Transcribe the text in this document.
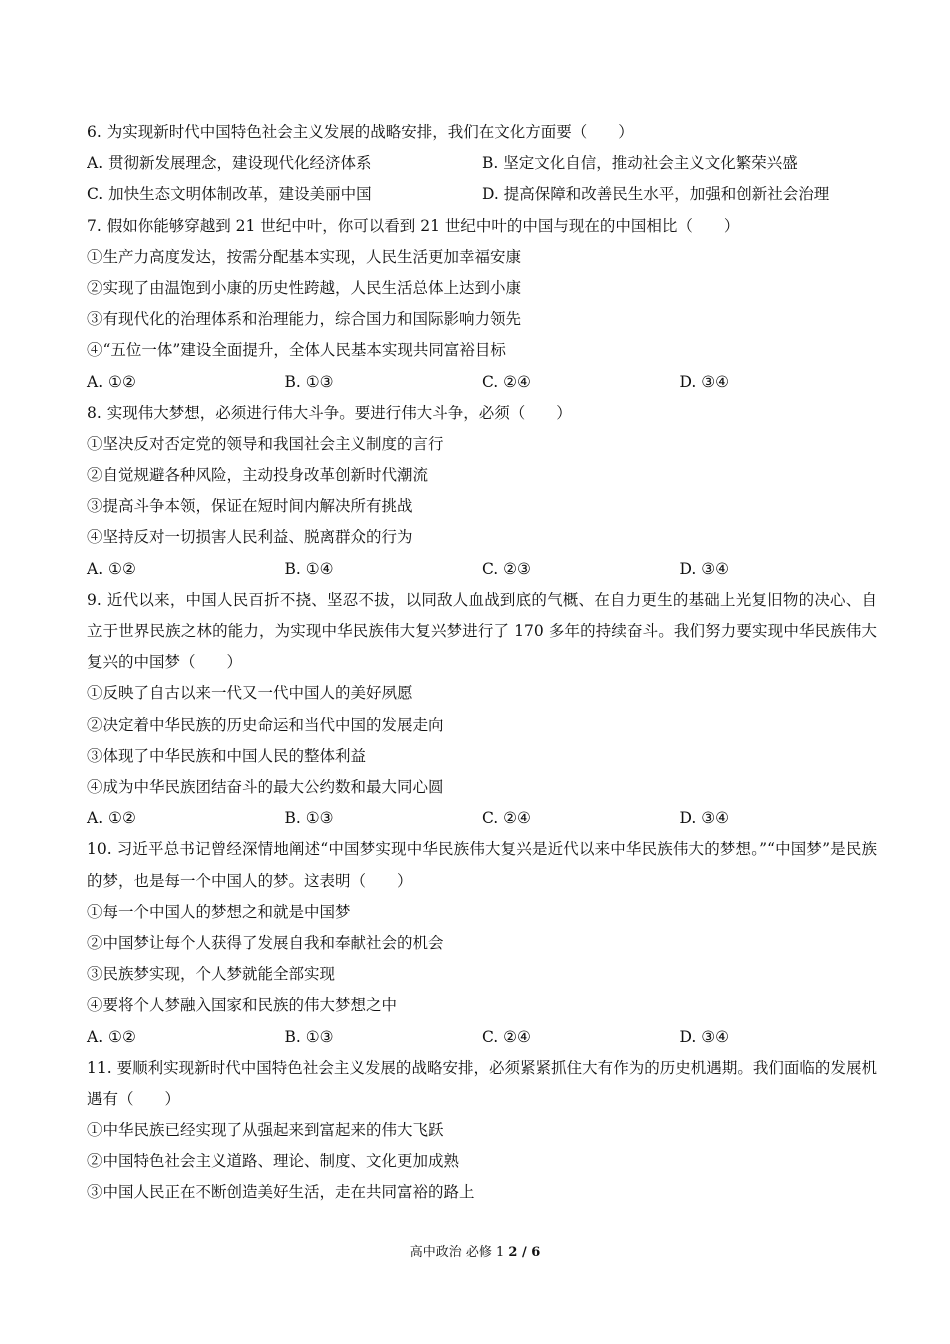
6. 为实现新时代中国特色社会主义发展的战略安排，我们在文化方面要（　　）
A. 贯彻新发展理念，建设现代化经济体系	B. 坚定文化自信，推动社会主义文化繁荣兴盛
C. 加快生态文明体制改革，建设美丽中国	D. 提高保障和改善民生水平，加强和创新社会治理
7. 假如你能够穿越到 21 世纪中叶，你可以看到 21 世纪中叶的中国与现在的中国相比（　　）
①生产力高度发达，按需分配基本实现，人民生活更加幸福安康
②实现了由温饱到小康的历史性跨越，人民生活总体上达到小康
③有现代化的治理体系和治理能力，综合国力和国际影响力领先
④“五位一体”建设全面提升，全体人民基本实现共同富裕目标
A. ①②	B. ①③	C. ②④	D. ③④
8. 实现伟大梦想，必须进行伟大斗争。要进行伟大斗争，必须（　　）
①坚决反对否定党的领导和我国社会主义制度的言行
②自觉规避各种风险，主动投身改革创新时代潮流
③提高斗争本领，保证在短时间内解决所有挑战
④坚持反对一切损害人民利益、脱离群众的行为
A. ①②	B. ①④	C. ②③	D. ③④
9. 近代以来，中国人民百折不挠、坚忍不拔，以同敌人血战到底的气概、在自力更生的基础上光复旧物的决心、自立于世界民族之林的能力，为实现中华民族伟大复兴梦进行了 170 多年的持续奋斗。我们努力要实现中华民族伟大复兴的中国梦（　　）
①反映了自古以来一代又一代中国人的美好夙愿
②决定着中华民族的历史命运和当代中国的发展走向
③体现了中华民族和中国人民的整体利益
④成为中华民族团结奋斗的最大公约数和最大同心圆
A. ①②	B. ①③	C. ②④	D. ③④
10. 习近平总书记曾经深情地阐述“中国梦实现中华民族伟大复兴是近代以来中华民族伟大的梦想。”“中国梦”是民族的梦，也是每一个中国人的梦。这表明（　　）
①每一个中国人的梦想之和就是中国梦
②中国梦让每个人获得了发展自我和奉献社会的机会
③民族梦实现，个人梦就能全部实现
④要将个人梦融入国家和民族的伟大梦想之中
A. ①②	B. ①③	C. ②④	D. ③④
11. 要顺利实现新时代中国特色社会主义发展的战略安排，必须紧紧抓住大有作为的历史机遇期。我们面临的发展机遇有（　　）
①中华民族已经实现了从强起来到富起来的伟大飞跃
②中国特色社会主义道路、理论、制度、文化更加成熟
③中国人民正在不断创造美好生活，走在共同富裕的路上
高中政治 必修 1 2 / 6
